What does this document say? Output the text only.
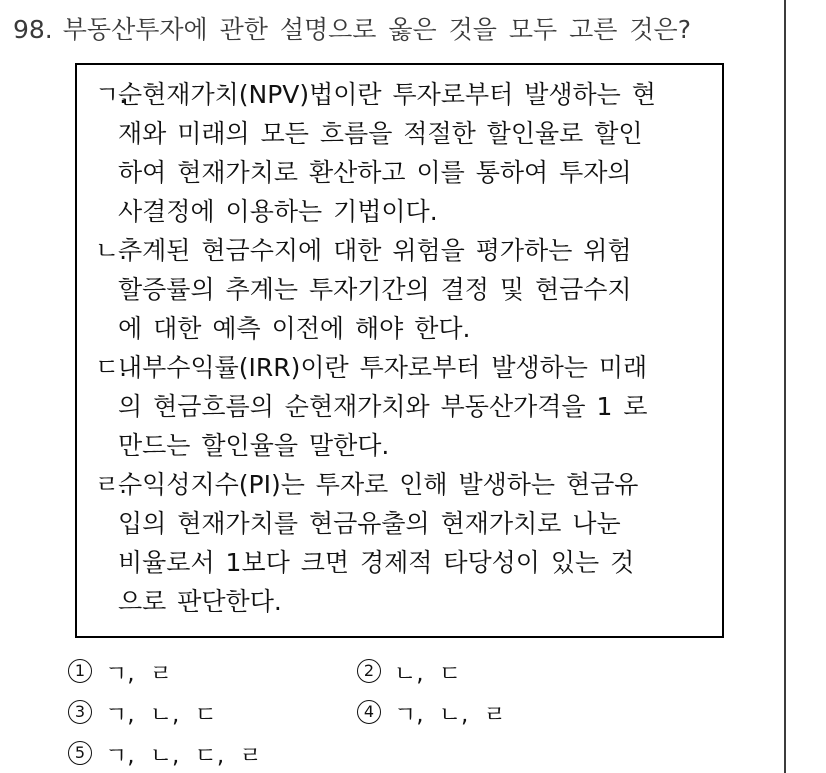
98. 부동산투자에 관한 설명으로 옳은 것을 모두 고른 것은?
ㄱ.
순현재가치(NPV)법이란 투자로부터 발생하는 현
재와 미래의 모든 흐름을 적절한 할인율로 할인
하여 현재가치로 환산하고 이를 통하여 투자의
사결정에 이용하는 기법이다.
ㄴ.
추계된 현금수지에 대한 위험을 평가하는 위험
할증률의 추계는 투자기간의 결정 및 현금수지
에 대한 예측 이전에 해야 한다.
ㄷ.
내부수익률(IRR)이란 투자로부터 발생하는 미래
의 현금흐름의 순현재가치와 부동산가격을 1 로
만드는 할인율을 말한다.
ㄹ.
수익성지수(PI)는 투자로 인해 발생하는 현금유
입의 현재가치를 현금유출의 현재가치로 나눈
비율로서 1보다 크면 경제적 타당성이 있는 것
으로 판단한다.
1 ㄱ, ㄹ	2 ㄴ, ㄷ
3 ㄱ, ㄴ, ㄷ	4 ㄱ, ㄴ, ㄹ
5 ㄱ, ㄴ, ㄷ, ㄹ
